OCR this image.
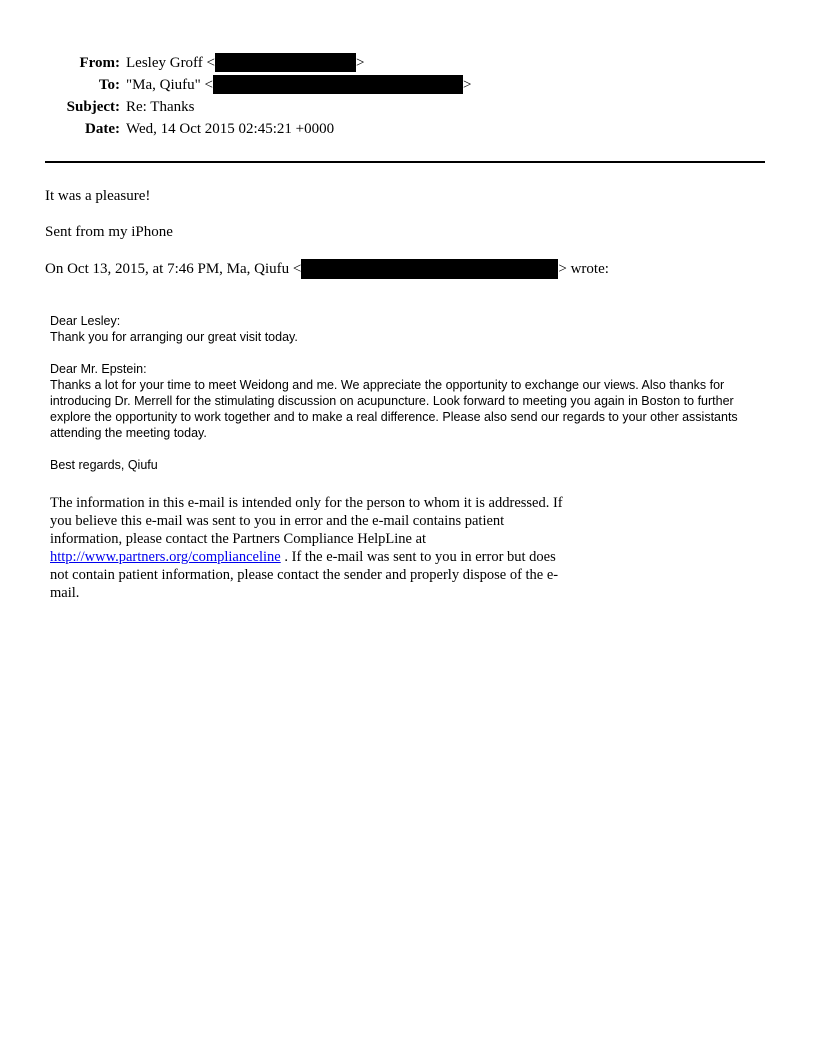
From: Lesley Groff <	>
To: "Ma, Qiufu" <	>
Subject: Re: Thanks
Date: Wed, 14 Oct 2015 02:45:21 +0000

It was a pleasure!

Sent from my iPhone

On Oct 13, 2015, at 7:46 PM, Ma, Qiufu <	> wrote:

Dear Lesley:
Thank you for arranging our great visit today.

Dear Mr. Epstein:
Thanks a lot for your time to meet Weidong and me. We appreciate the opportunity to exchange our views. Also thanks for introducing Dr. Merrell for the stimulating discussion on acupuncture. Look forward to meeting you again in Boston to further explore the opportunity to work together and to make a real difference. Please also send our regards to your other assistants attending the meeting today.

Best regards, Qiufu

The information in this e-mail is intended only for the person to whom it is addressed. If you believe this e-mail was sent to you in error and the e-mail contains patient information, please contact the Partners Compliance HelpLine at http://www.partners.org/complianceline . If the e-mail was sent to you in error but does not contain patient information, please contact the sender and properly dispose of the e-mail.
